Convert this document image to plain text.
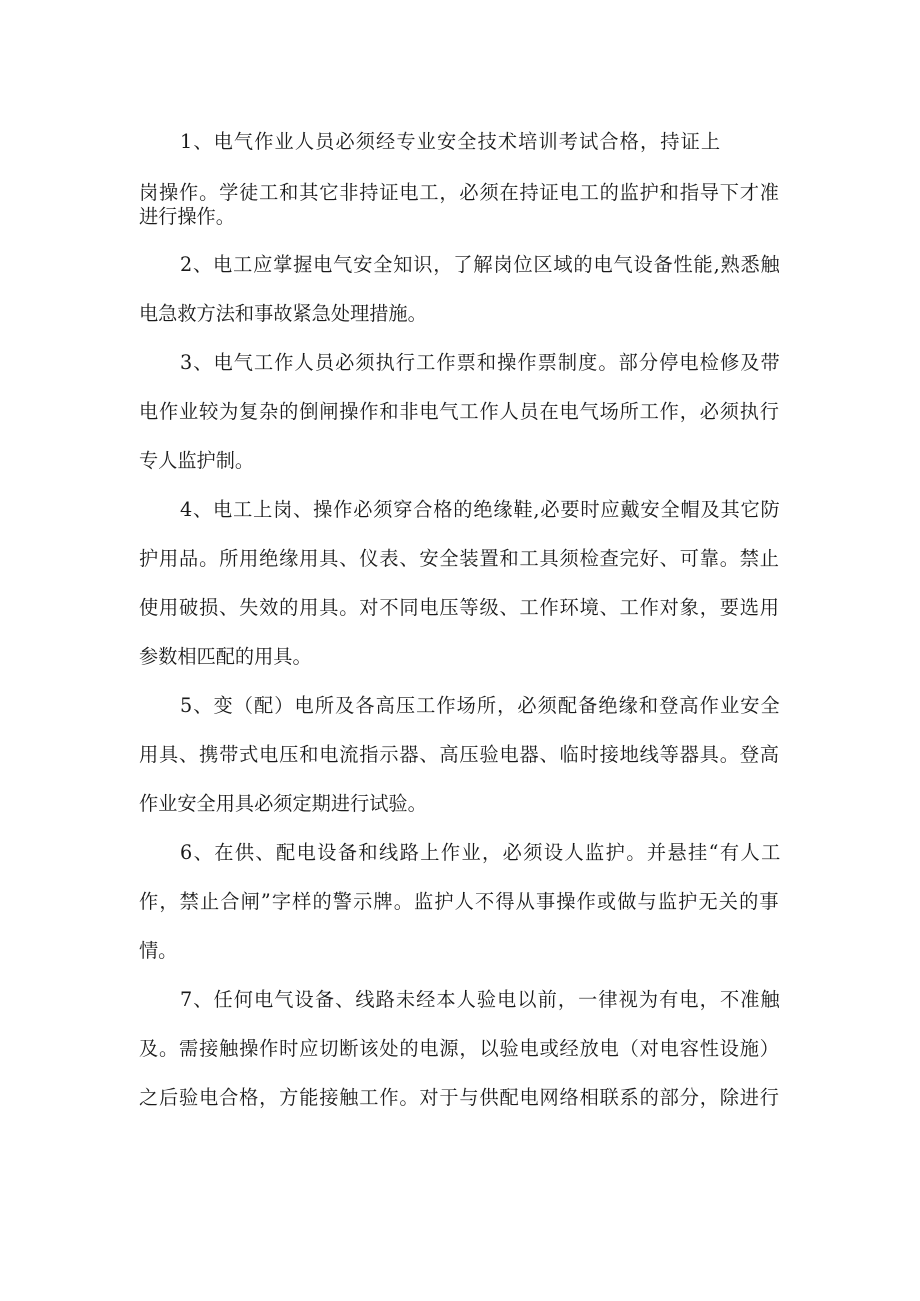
1、电气作业人员必须经专业安全技术培训考试合格，持证上

岗操作。学徒工和其它非持证电工，必须在持证电工的监护和指导下才准

进行操作。

2、电工应掌握电气安全知识，了解岗位区域的电气设备性能,熟悉触

电急救方法和事故紧急处理措施。

3、电气工作人员必须执行工作票和操作票制度。部分停电检修及带

电作业较为复杂的倒闸操作和非电气工作人员在电气场所工作，必须执行

专人监护制。

4、电工上岗、操作必须穿合格的绝缘鞋,必要时应戴安全帽及其它防

护用品。所用绝缘用具、仪表、安全装置和工具须检查完好、可靠。禁止

使用破损、失效的用具。对不同电压等级、工作环境、工作对象，要选用

参数相匹配的用具。

5、变（配）电所及各高压工作场所，必须配备绝缘和登高作业安全

用具、携带式电压和电流指示器、高压验电器、临时接地线等器具。登高

作业安全用具必须定期进行试验。

6、在供、配电设备和线路上作业，必须设人监护。并悬挂“有人工

作，禁止合闸”字样的警示牌。监护人不得从事操作或做与监护无关的事

情。

7、任何电气设备、线路未经本人验电以前，一律视为有电，不准触

及。需接触操作时应切断该处的电源，以验电或经放电（对电容性设施）

之后验电合格，方能接触工作。对于与供配电网络相联系的部分，除进行
